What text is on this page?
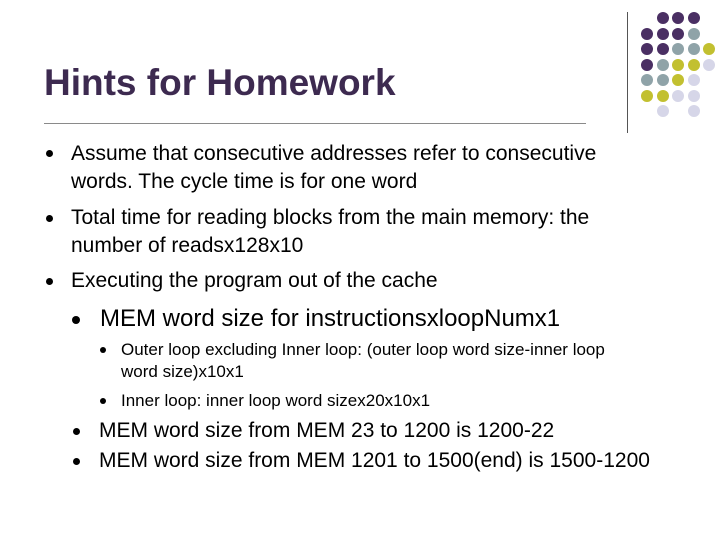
Hints for Homework
Assume that consecutive addresses refer to consecutive
words. The cycle time is for one word
Total time for reading blocks from the main memory: the
number of readsx128x10
Executing the program out of the cache
MEM word size for instructionsxloopNumx1
Outer loop excluding Inner loop: (outer loop word size-inner loop
word size)x10x1
Inner loop: inner loop word sizex20x10x1
MEM word size from MEM 23 to 1200 is 1200-22
MEM word size from MEM 1201 to 1500(end) is 1500-1200
